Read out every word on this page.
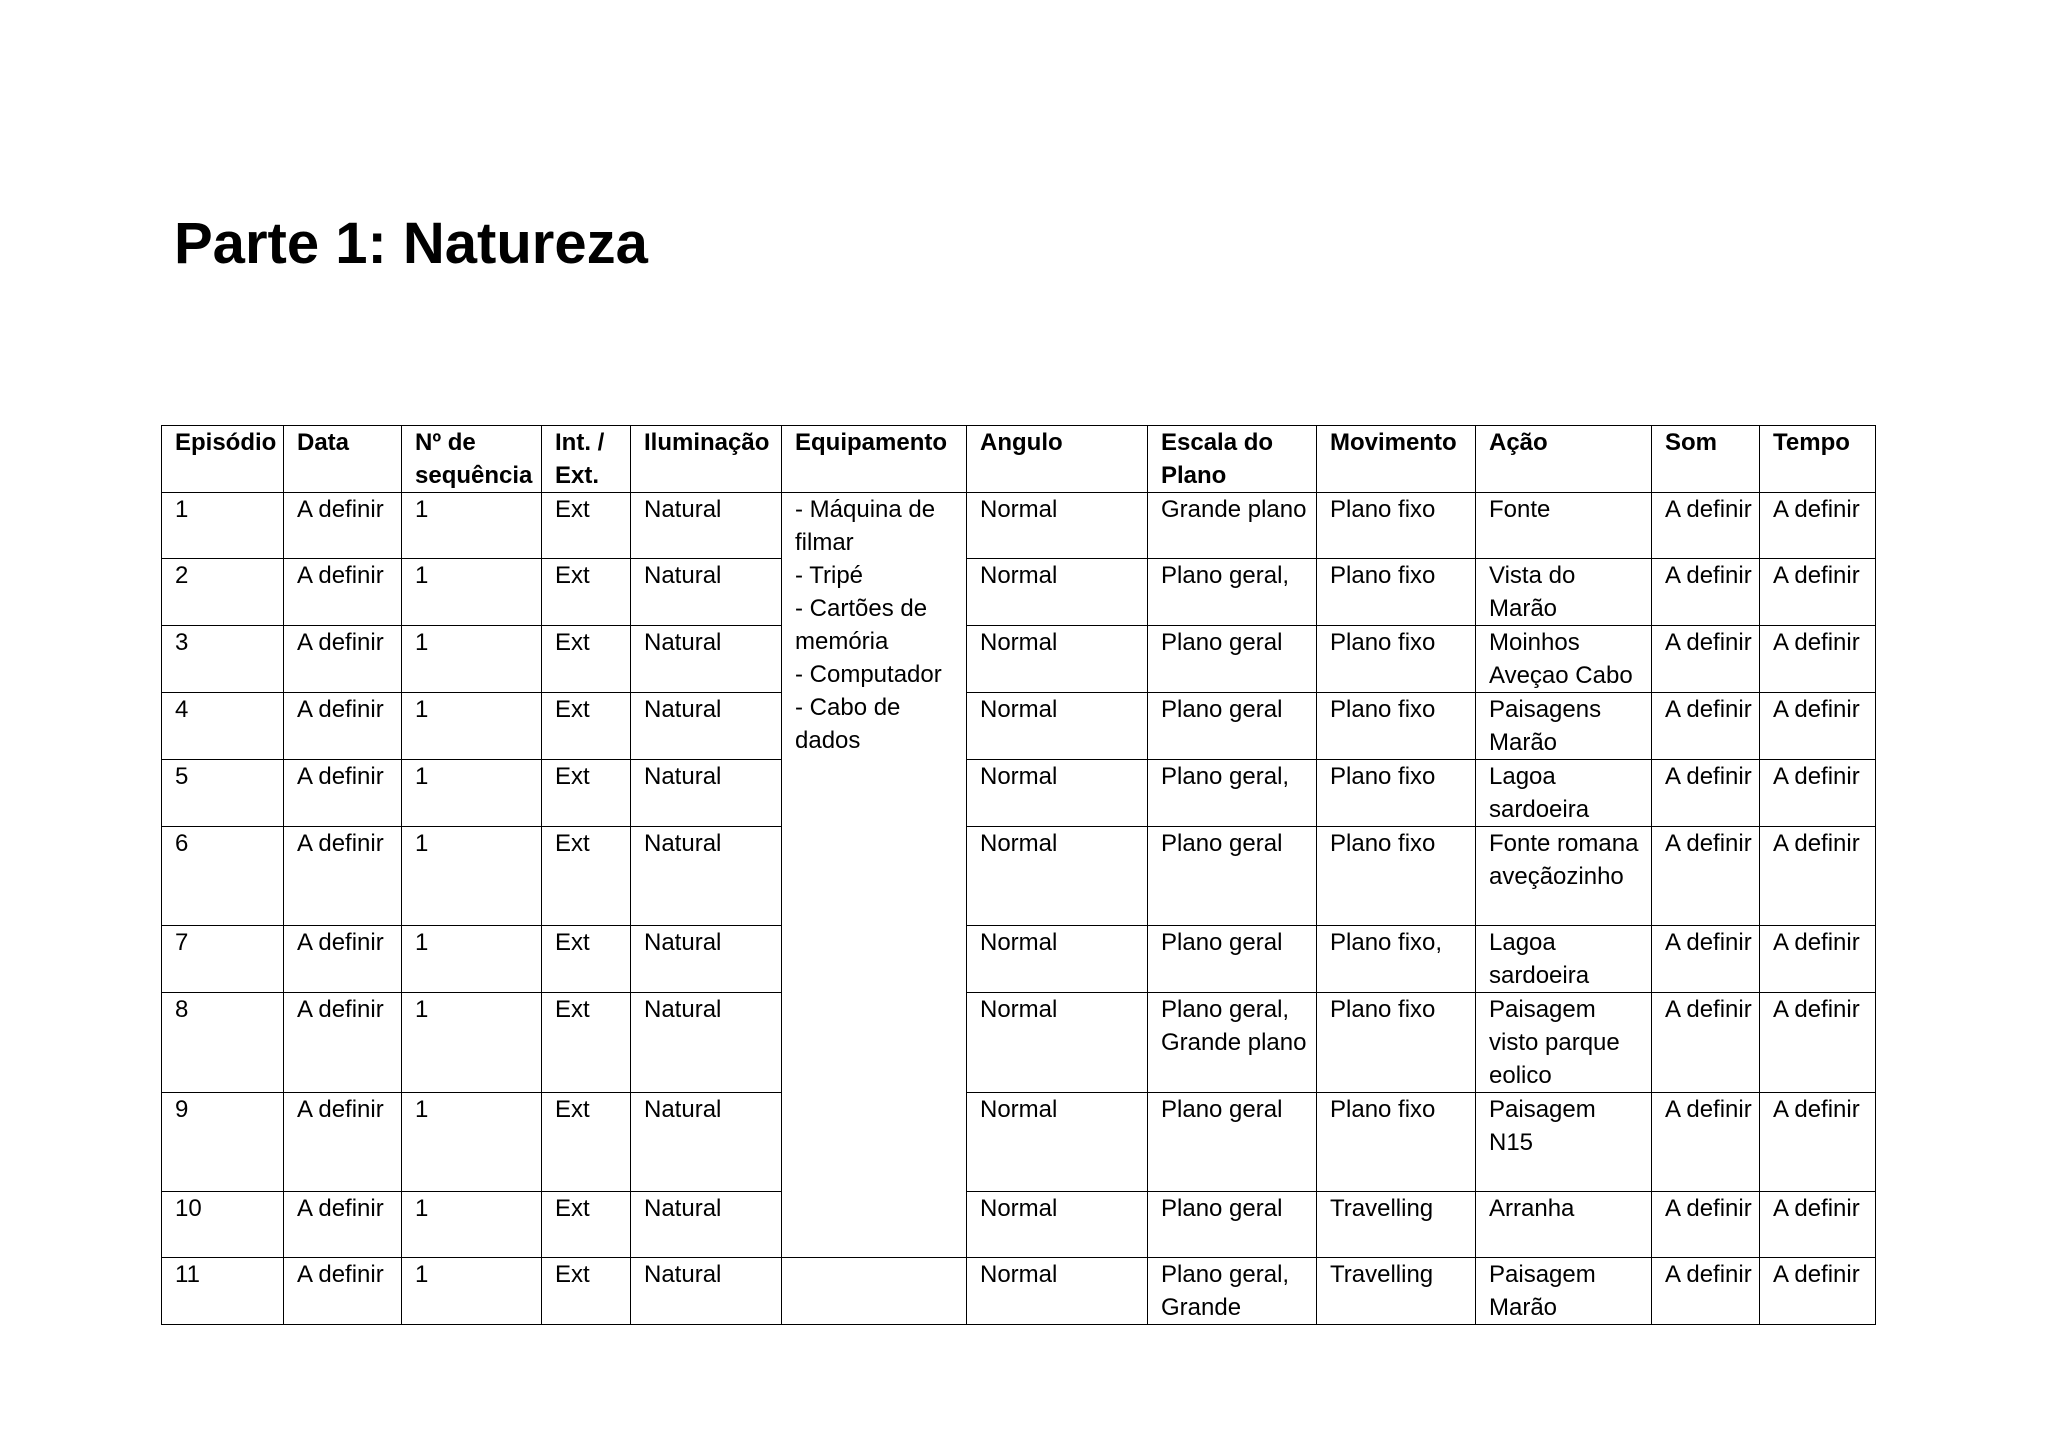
Parte 1: Natureza
Episódio	Data	Nº de sequência	Int. / Ext.	Iluminação	Equipamento	Angulo	Escala do Plano	Movimento	Ação	Som	Tempo
1	A definir	1	Ext	Natural	- Máquina de filmar
- Tripé
- Cartões de memória
- Computador
- Cabo de dados	Normal	Grande plano	Plano fixo	Fonte	A definir	A definir
2	A definir	1	Ext	Natural		Normal	Plano geral,	Plano fixo	Vista do Marão	A definir	A definir
3	A definir	1	Ext	Natural		Normal	Plano geral	Plano fixo	Moinhos Aveçao Cabo	A definir	A definir
4	A definir	1	Ext	Natural		Normal	Plano geral	Plano fixo	Paisagens Marão	A definir	A definir
5	A definir	1	Ext	Natural		Normal	Plano geral,	Plano fixo	Lagoa sardoeira	A definir	A definir
6	A definir	1	Ext	Natural		Normal	Plano geral	Plano fixo	Fonte romana aveçãozinho	A definir	A definir
7	A definir	1	Ext	Natural		Normal	Plano geral	Plano fixo,	Lagoa sardoeira	A definir	A definir
8	A definir	1	Ext	Natural		Normal	Plano geral, Grande plano	Plano fixo	Paisagem visto parque eolico	A definir	A definir
9	A definir	1	Ext	Natural		Normal	Plano geral	Plano fixo	Paisagem N15	A definir	A definir
10	A definir	1	Ext	Natural		Normal	Plano geral	Travelling	Arranha	A definir	A definir
11	A definir	1	Ext	Natural		Normal	Plano geral, Grande	Travelling	Paisagem Marão	A definir	A definir
